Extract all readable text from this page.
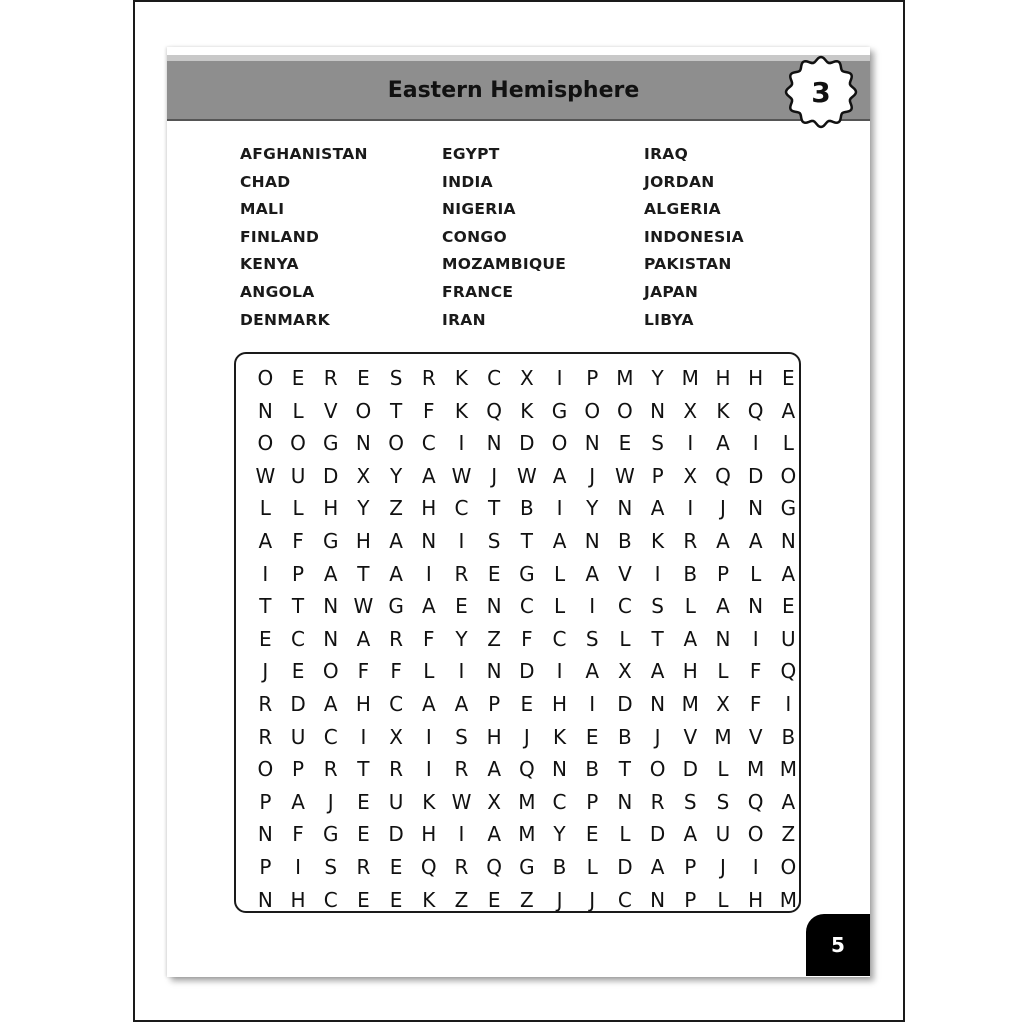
Eastern Hemisphere	3
AFGHANISTAN	EGYPT	IRAQ
CHAD	INDIA	JORDAN
MALI	NIGERIA	ALGERIA
FINLAND	CONGO	INDONESIA
KENYA	MOZAMBIQUE	PAKISTAN
ANGOLA	FRANCE	JAPAN
DENMARK	IRAN	LIBYA
O E R E	S R K C X	I	P M Y M H H E
N L	V O T	F	K Q K G O O N X K Q A
O O G N O C	I	N D O N E	S	I	A	I	L
W U D X Y A W J W A	J W P X Q D O
L	L H Y Z H C T B	I	Y N A	I	J	N G
A	F G H A N	I	S	T A N B K R A A N
I	P A T A	I	R E G L	A V	I	B P	L	A
T	T N W G A E N C	L	I	C S	L	A N E
E C N A R F	Y Z	F C S	L	T A N	I	U
J	E O F	F	L	I	N D	I	A X A H L	F Q
R D A H C A A P	E H	I	D N M X	F	I
R U C	I	X	I	S H	J	K E B	J	V M V B
O P R T R	I	R A Q N B T O D L M M
P A	J	E U K W X M C P N R S S Q A
N F G E D H	I	A M Y	E	L D A U O Z
P	I	S R E Q R Q G B	L D A P	J	I	O
N H C E	E K Z E Z	J	J	C N P	L H M
5
